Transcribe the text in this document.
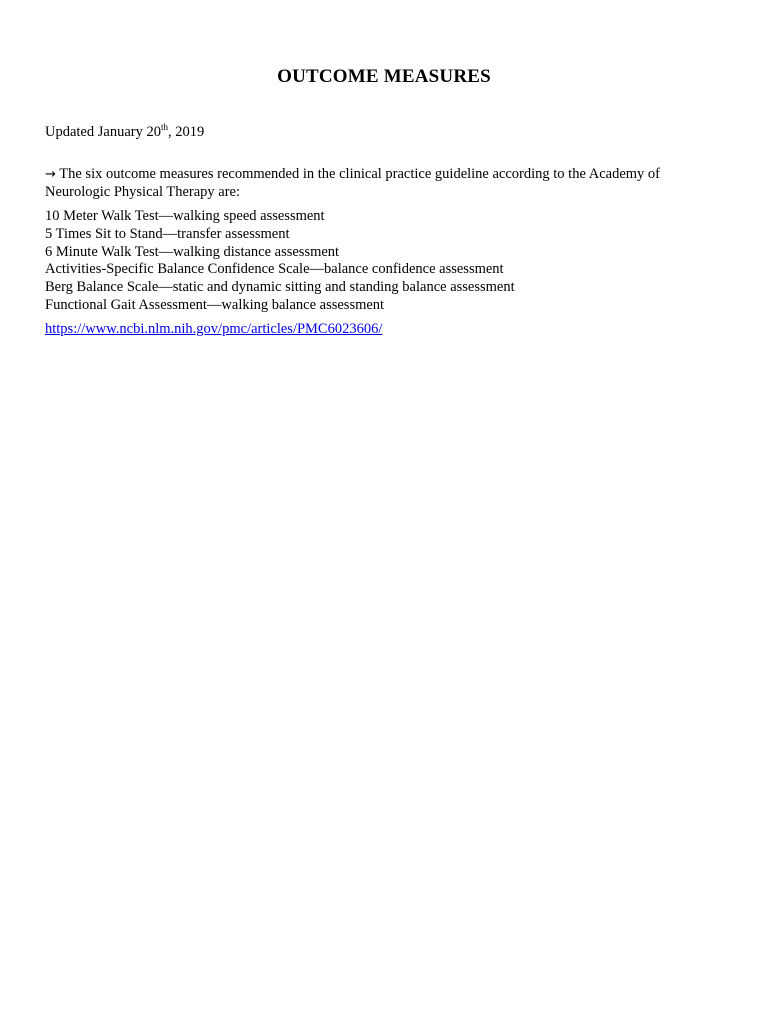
OUTCOME MEASURES

Updated January 20th, 2019

→ The six outcome measures recommended in the clinical practice guideline according to the Academy of Neurologic Physical Therapy are:

10 Meter Walk Test—walking speed assessment
5 Times Sit to Stand—transfer assessment
6 Minute Walk Test—walking distance assessment
Activities-Specific Balance Confidence Scale—balance confidence assessment
Berg Balance Scale—static and dynamic sitting and standing balance assessment
Functional Gait Assessment—walking balance assessment
https://www.ncbi.nlm.nih.gov/pmc/articles/PMC6023606/
